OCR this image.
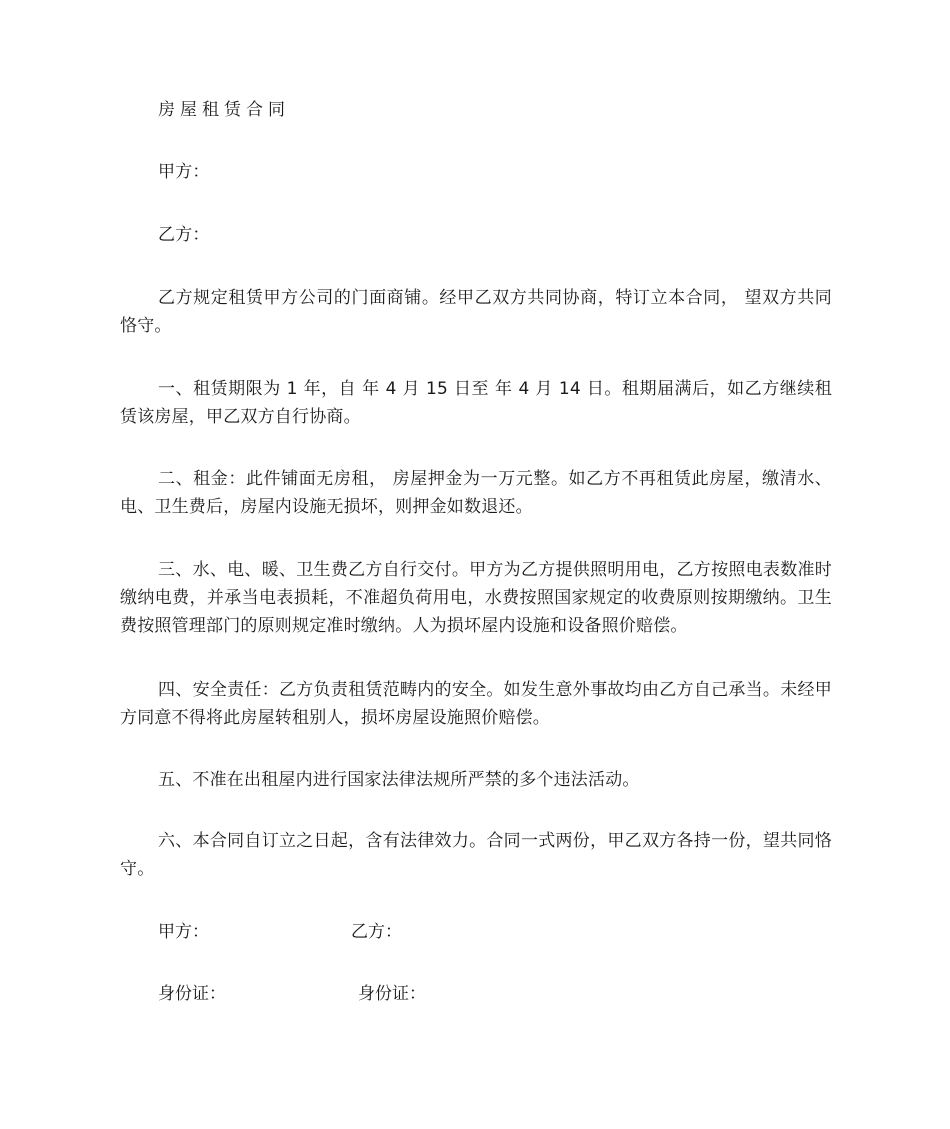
房屋租赁合同
甲方：
乙方：
乙方规定租赁甲方公司的门面商铺。经甲乙双方共同协商，特订立本合同， 望双方共同恪守。
一、租赁期限为 1 年，自 年 4 月 15 日至 年 4 月 14 日。租期届满后，如乙方继续租赁该房屋，甲乙双方自行协商。
二、租金：此件铺面无房租， 房屋押金为一万元整。如乙方不再租赁此房屋，缴清水、电、卫生费后，房屋内设施无损坏，则押金如数退还。
三、水、电、暖、卫生费乙方自行交付。甲方为乙方提供照明用电，乙方按照电表数准时缴纳电费，并承当电表损耗，不准超负荷用电，水费按照国家规定的收费原则按期缴纳。卫生费按照管理部门的原则规定准时缴纳。人为损坏屋内设施和设备照价赔偿。
四、安全责任：乙方负责租赁范畴内的安全。如发生意外事故均由乙方自己承当。未经甲方同意不得将此房屋转租别人，损坏房屋设施照价赔偿。
五、不准在出租屋内进行国家法律法规所严禁的多个违法活动。
六、本合同自订立之日起，含有法律效力。合同一式两份，甲乙双方各持一份，望共同恪守。
甲方：	乙方：
身份证：	身份证：
